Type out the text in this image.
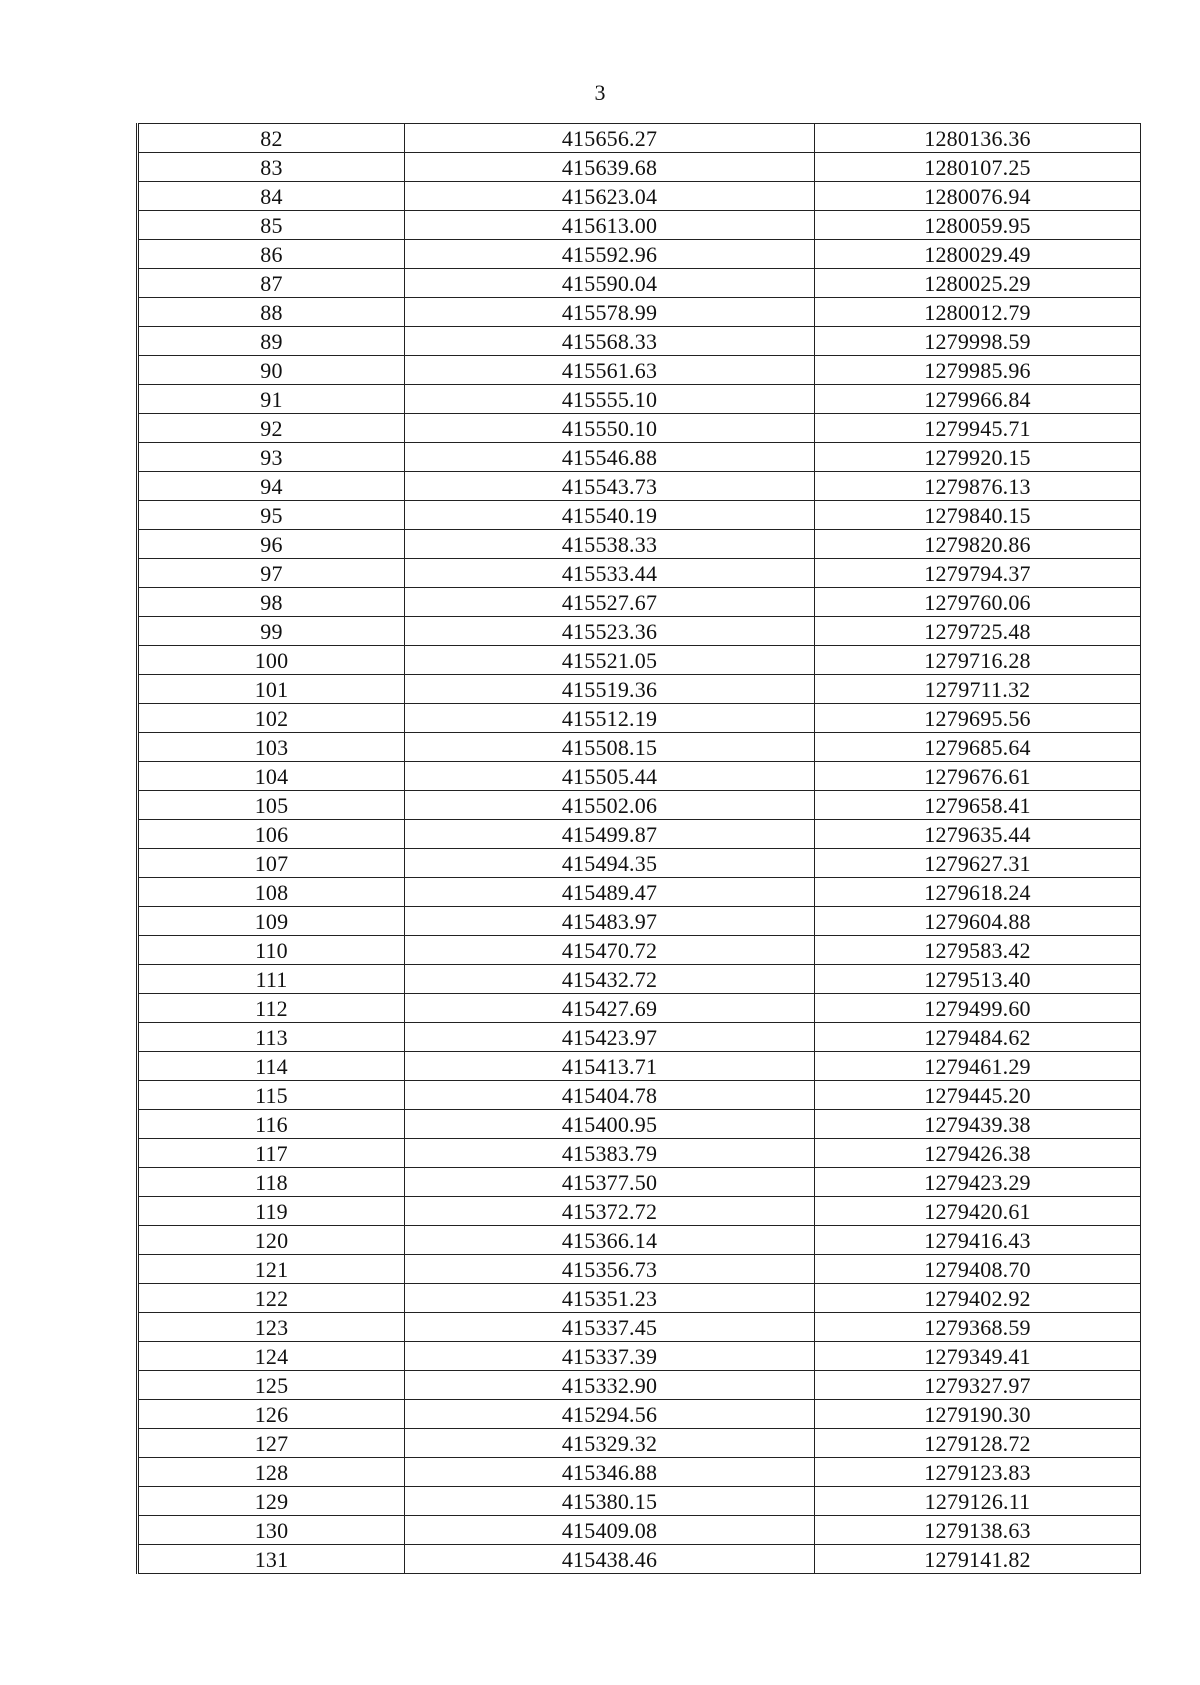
3
82	415656.27	1280136.36
83	415639.68	1280107.25
84	415623.04	1280076.94
85	415613.00	1280059.95
86	415592.96	1280029.49
87	415590.04	1280025.29
88	415578.99	1280012.79
89	415568.33	1279998.59
90	415561.63	1279985.96
91	415555.10	1279966.84
92	415550.10	1279945.71
93	415546.88	1279920.15
94	415543.73	1279876.13
95	415540.19	1279840.15
96	415538.33	1279820.86
97	415533.44	1279794.37
98	415527.67	1279760.06
99	415523.36	1279725.48
100	415521.05	1279716.28
101	415519.36	1279711.32
102	415512.19	1279695.56
103	415508.15	1279685.64
104	415505.44	1279676.61
105	415502.06	1279658.41
106	415499.87	1279635.44
107	415494.35	1279627.31
108	415489.47	1279618.24
109	415483.97	1279604.88
110	415470.72	1279583.42
111	415432.72	1279513.40
112	415427.69	1279499.60
113	415423.97	1279484.62
114	415413.71	1279461.29
115	415404.78	1279445.20
116	415400.95	1279439.38
117	415383.79	1279426.38
118	415377.50	1279423.29
119	415372.72	1279420.61
120	415366.14	1279416.43
121	415356.73	1279408.70
122	415351.23	1279402.92
123	415337.45	1279368.59
124	415337.39	1279349.41
125	415332.90	1279327.97
126	415294.56	1279190.30
127	415329.32	1279128.72
128	415346.88	1279123.83
129	415380.15	1279126.11
130	415409.08	1279138.63
131	415438.46	1279141.82
